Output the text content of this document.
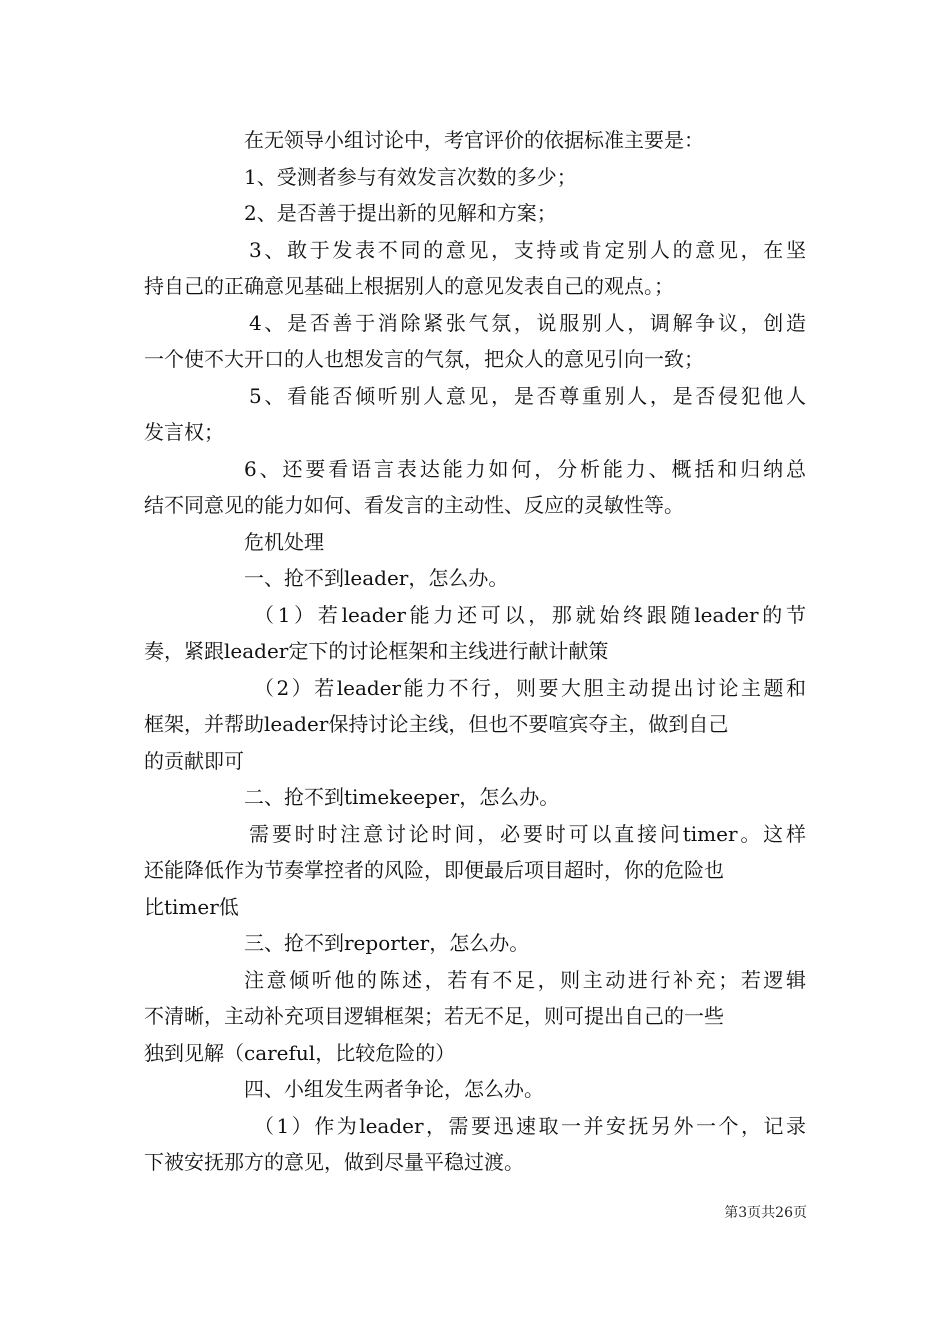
在无领导小组讨论中，考官评价的依据标准主要是：
1、受测者参与有效发言次数的多少；
2、是否善于提出新的见解和方案；
3、敢于发表不同的意见，支持或肯定别人的意见，在坚
持自己的正确意见基础上根据别人的意见发表自己的观点。；
4、是否善于消除紧张气氛，说服别人，调解争议，创造
一个使不大开口的人也想发言的气氛，把众人的意见引向一致；
5、看能否倾听别人意见，是否尊重别人，是否侵犯他人
发言权；
6、还要看语言表达能力如何，分析能力、概括和归纳总
结不同意见的能力如何、看发言的主动性、反应的灵敏性等。
危机处理
一、抢不到leader，怎么办。
（1）若leader能力还可以，那就始终跟随leader的节
奏，紧跟leader定下的讨论框架和主线进行献计献策
（2）若leader能力不行，则要大胆主动提出讨论主题和
框架，并帮助leader保持讨论主线，但也不要喧宾夺主，做到自己
的贡献即可
二、抢不到timekeeper，怎么办。
需要时时注意讨论时间，必要时可以直接问timer。这样
还能降低作为节奏掌控者的风险，即便最后项目超时，你的危险也
比timer低
三、抢不到reporter，怎么办。
注意倾听他的陈述，若有不足，则主动进行补充；若逻辑
不清晰，主动补充项目逻辑框架；若无不足，则可提出自己的一些
独到见解（careful，比较危险的）
四、小组发生两者争论，怎么办。
（1）作为leader，需要迅速取一并安抚另外一个，记录
下被安抚那方的意见，做到尽量平稳过渡。
第3页共26页
